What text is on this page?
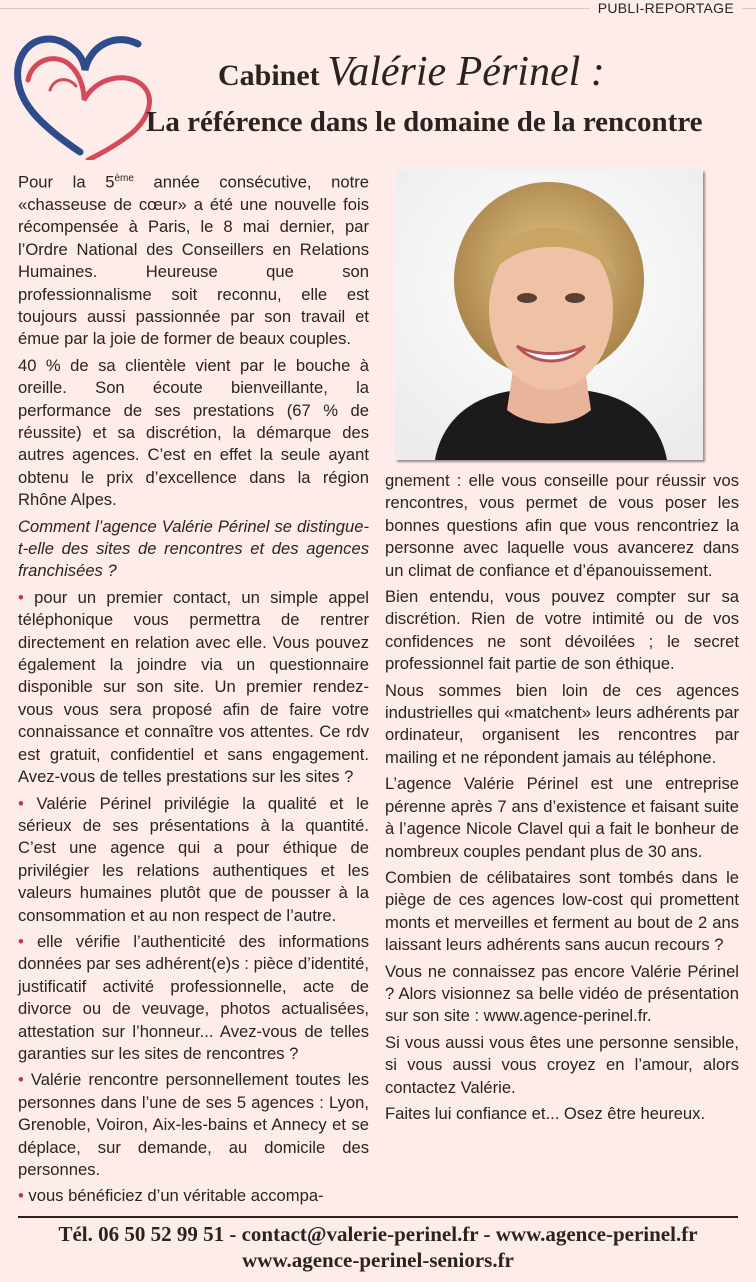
PUBLI-REPORTAGE
Cabinet Valérie Périnel :
La référence dans le domaine de la rencontre

Pour la 5ème année consécutive, notre «chasseuse de cœur» a été une nouvelle fois récompensée à Paris, le 8 mai dernier, par l’Ordre National des Conseillers en Relations Humaines. Heureuse que son professionnalisme soit reconnu, elle est toujours aussi passionnée par son travail et émue par la joie de former de beaux couples.

40 % de sa clientèle vient par le bouche à oreille. Son écoute bienveillante, la performance de ses prestations (67 % de réussite) et sa discrétion, la démarque des autres agences. C’est en effet la seule ayant obtenu le prix d’excellence dans la région Rhône Alpes.

Comment l’agence Valérie Périnel se distingue-t-elle des sites de rencontres et des agences franchisées ?

• pour un premier contact, un simple appel téléphonique vous permettra de rentrer directement en relation avec elle. Vous pouvez également la joindre via un questionnaire disponible sur son site. Un premier rendez-vous vous sera proposé afin de faire votre connaissance et connaître vos attentes. Ce rdv est gratuit, confidentiel et sans engagement. Avez-vous de telles prestations sur les sites ?

• Valérie Périnel privilégie la qualité et le sérieux de ses présentations à la quantité. C’est une agence qui a pour éthique de privilégier les relations authentiques et les valeurs humaines plutôt que de pousser à la consommation et au non respect de l’autre.

• elle vérifie l’authenticité des informations données par ses adhérent(e)s : pièce d’identité, justificatif activité professionnelle, acte de divorce ou de veuvage, photos actualisées, attestation sur l’honneur... Avez-vous de telles garanties sur les sites de rencontres ?

• Valérie rencontre personnellement toutes les personnes dans l’une de ses 5 agences : Lyon, Grenoble, Voiron, Aix-les-bains et Annecy et se déplace, sur demande, au domicile des personnes.

• vous bénéficiez d’un véritable accompa-

gnement : elle vous conseille pour réussir vos rencontres, vous permet de vous poser les bonnes questions afin que vous rencontriez la personne avec laquelle vous avancerez dans un climat de confiance et d’épanouissement.

Bien entendu, vous pouvez compter sur sa discrétion. Rien de votre intimité ou de vos confidences ne sont dévoilées ; le secret professionnel fait partie de son éthique.

Nous sommes bien loin de ces agences industrielles qui «matchent» leurs adhérents par ordinateur, organisent les rencontres par mailing et ne répondent jamais au téléphone.

L’agence Valérie Périnel est une entreprise pérenne après 7 ans d’existence et faisant suite à l’agence Nicole Clavel qui a fait le bonheur de nombreux couples pendant plus de 30 ans.

Combien de célibataires sont tombés dans le piège de ces agences low-cost qui promettent monts et merveilles et ferment au bout de 2 ans laissant leurs adhérents sans aucun recours ?

Vous ne connaissez pas encore Valérie Périnel ? Alors visionnez sa belle vidéo de présentation sur son site : www.agence-perinel.fr.

Si vous aussi vous êtes une personne sensible, si vous aussi vous croyez en l’amour, alors contactez Valérie.

Faites lui confiance et... Osez être heureux.

Tél. 06 50 52 99 51 - contact@valerie-perinel.fr - www.agence-perinel.fr
www.agence-perinel-seniors.fr
